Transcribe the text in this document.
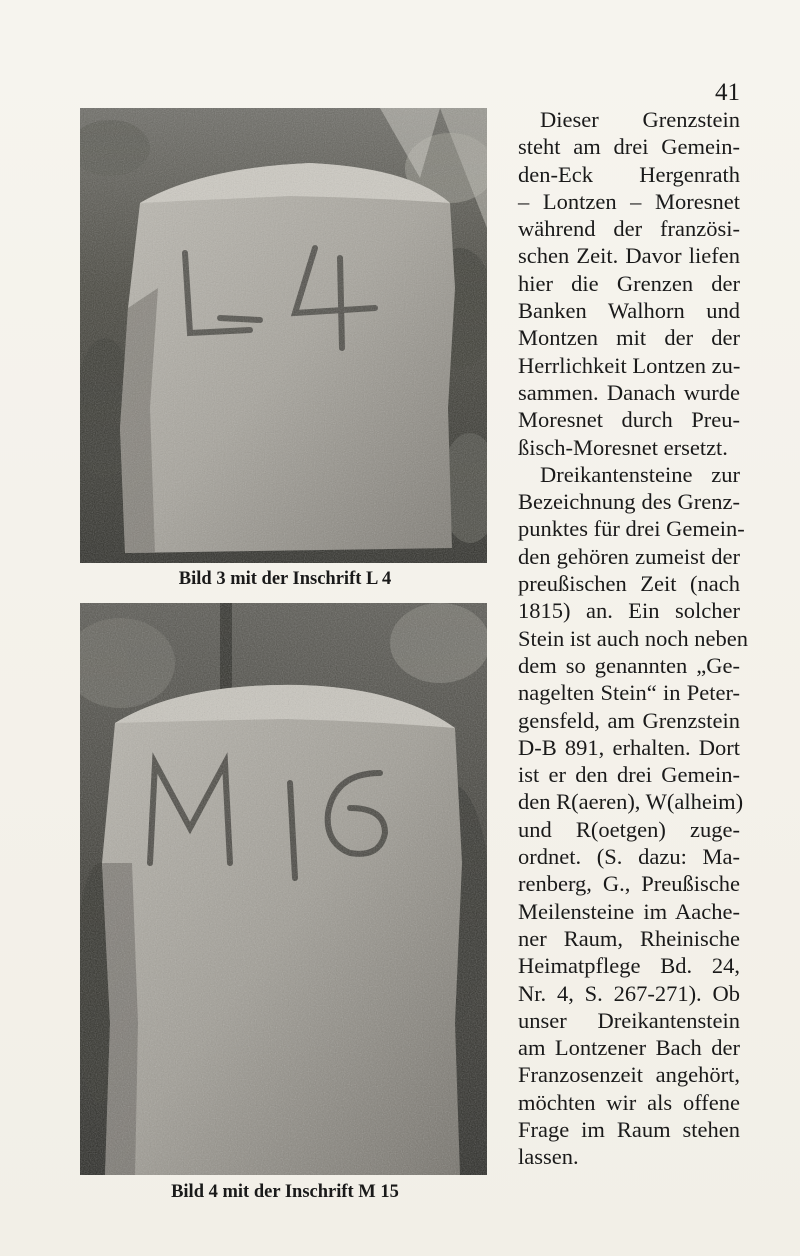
41
Bild 3 mit der Inschrift L 4
Bild 4 mit der Inschrift M 15
Dieser Grenzstein
steht am drei Gemein-
den-Eck Hergenrath
– Lontzen – Moresnet
während der französi-
schen Zeit. Davor liefen
hier die Grenzen der
Banken Walhorn und
Montzen mit der der
Herrlichkeit Lontzen zu-
sammen. Danach wurde
Moresnet durch Preu-
ßisch-Moresnet ersetzt.
Dreikantensteine zur
Bezeichnung des Grenz-
punktes für drei Gemein-
den gehören zumeist der
preußischen Zeit (nach
1815) an. Ein solcher
Stein ist auch noch neben
dem so genannten „Ge-
nagelten Stein“ in Peter-
gensfeld, am Grenzstein
D-B 891, erhalten. Dort
ist er den drei Gemein-
den R(aeren), W(alheim)
und R(oetgen) zuge-
ordnet. (S. dazu: Ma-
renberg, G., Preußische
Meilensteine im Aache-
ner Raum, Rheinische
Heimatpflege Bd. 24,
Nr. 4, S. 267-271). Ob
unser Dreikantenstein
am Lontzener Bach der
Franzosenzeit angehört,
möchten wir als offene
Frage im Raum stehen
lassen.
